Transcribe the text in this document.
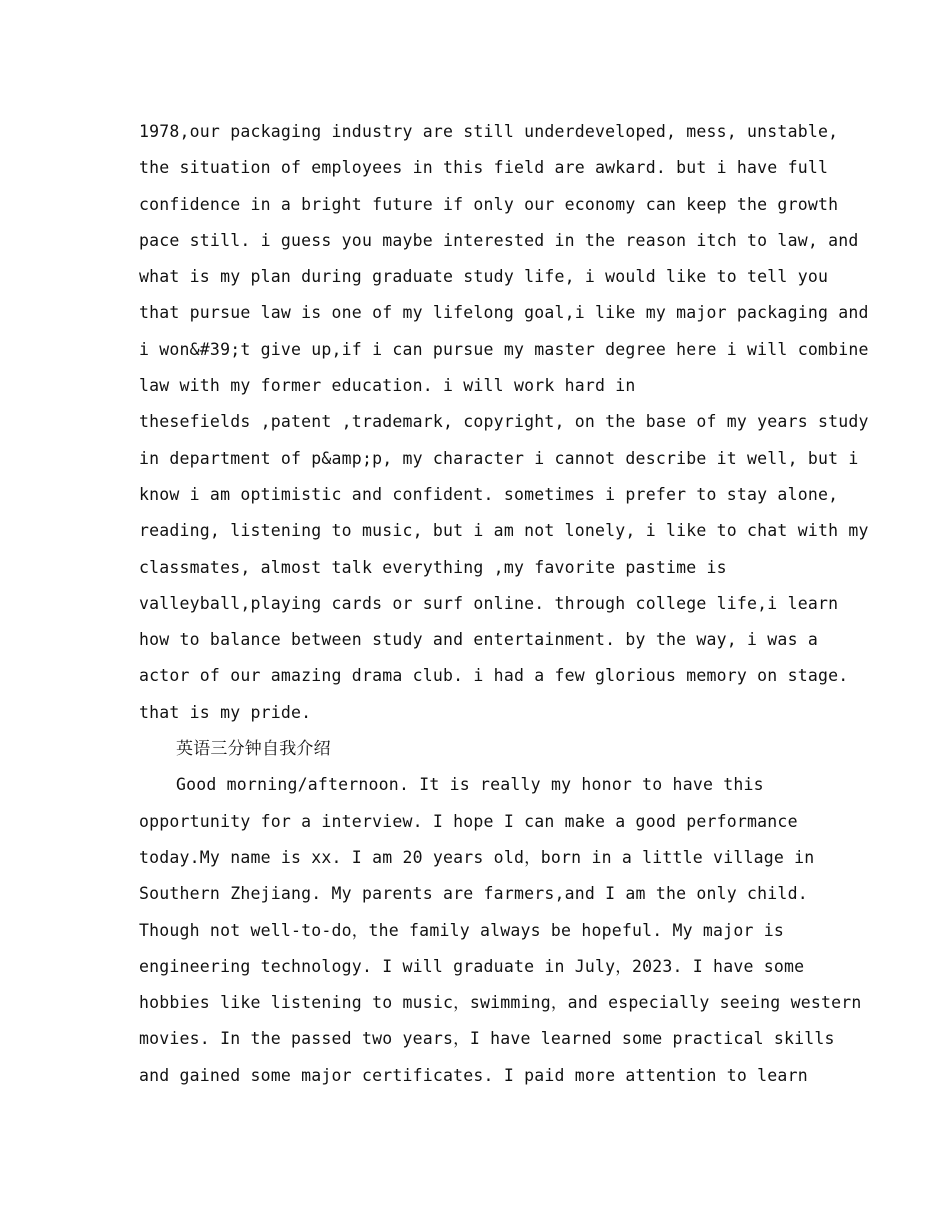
1978,our packaging industry are still underdeveloped, mess, unstable,
the situation of employees in this field are awkard. but i have full
confidence in a bright future if only our economy can keep the growth
pace still. i guess you maybe interested in the reason itch to law, and
what is my plan during graduate study life, i would like to tell you
that pursue law is one of my lifelong goal,i like my major packaging and
i won&#39;t give up,if i can pursue my master degree here i will combine
law with my former education. i will work hard in
thesefields ,patent ,trademark, copyright, on the base of my years study
in department of p&amp;p, my character i cannot describe it well, but i
know i am optimistic and confident. sometimes i prefer to stay alone,
reading, listening to music, but i am not lonely, i like to chat with my
classmates, almost talk everything ,my favorite pastime is
valleyball,playing cards or surf online. through college life,i learn
how to balance between study and entertainment. by the way, i was a
actor of our amazing drama club. i had a few glorious memory on stage.
that is my pride.
英语三分钟自我介绍
Good morning/afternoon. It is really my honor to have this
opportunity for a interview. I hope I can make a good performance
today.My name is xx. I am 20 years old，born in a little village in
Southern Zhejiang. My parents are farmers,and I am the only child.
Though not well-to-do，the family always be hopeful. My major is
engineering technology. I will graduate in July，2023. I have some
hobbies like listening to music，swimming，and especially seeing western
movies. In the passed two years，I have learned some practical skills
and gained some major certificates. I paid more attention to learn
